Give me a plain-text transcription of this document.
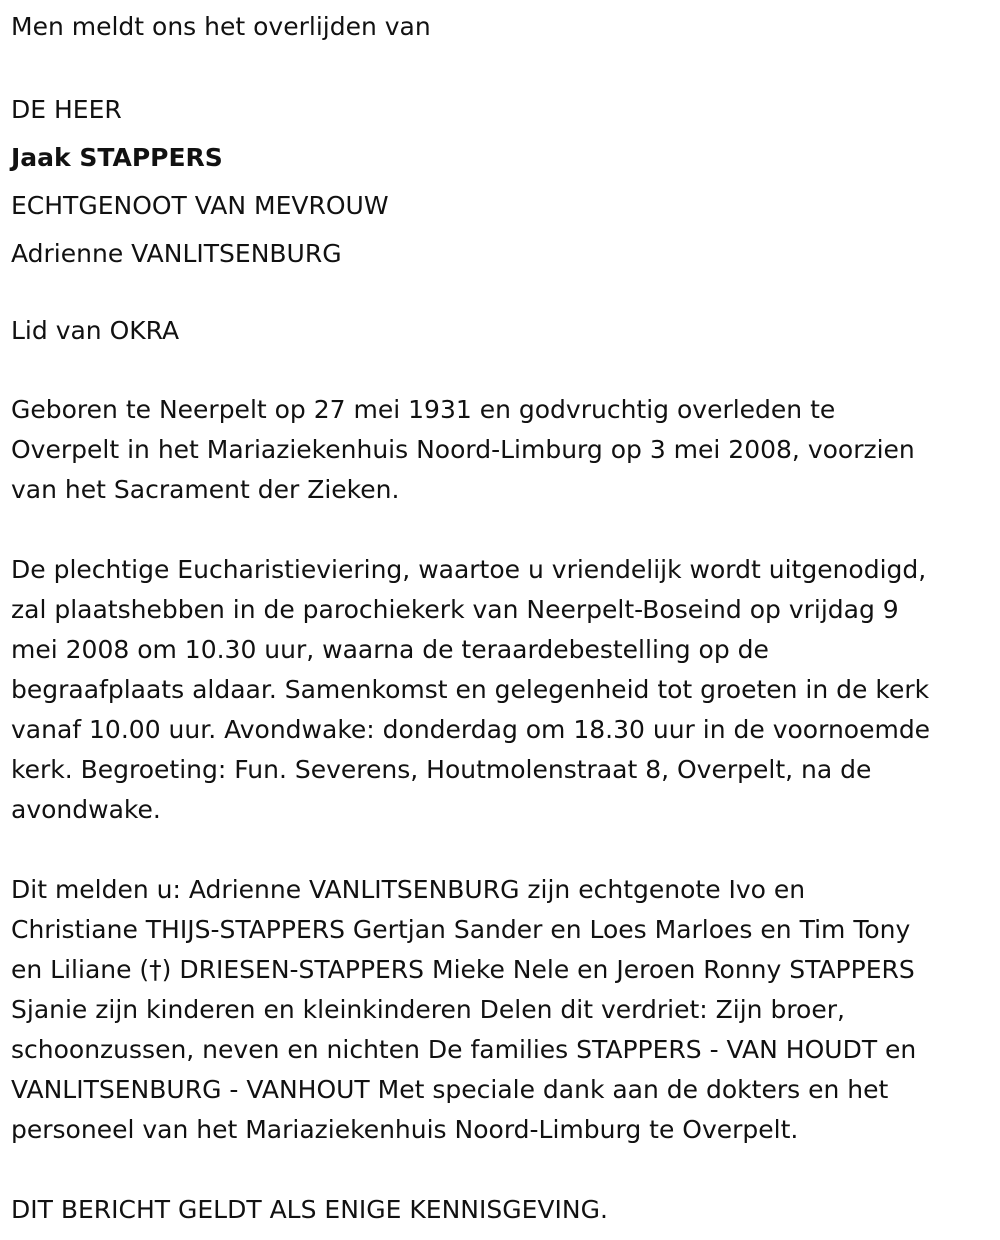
Men meldt ons het overlijden van

DE HEER

Jaak STAPPERS

ECHTGENOOT VAN MEVROUW

Adrienne VANLITSENBURG

Lid van OKRA

Geboren te Neerpelt op 27 mei 1931 en godvruchtig overleden te

Overpelt in het Mariaziekenhuis Noord-Limburg op 3 mei 2008, voorzien

van het Sacrament der Zieken.

De plechtige Eucharistieviering, waartoe u vriendelijk wordt uitgenodigd,

zal plaatshebben in de parochiekerk van Neerpelt-Boseind op vrijdag 9

mei 2008 om 10.30 uur, waarna de teraardebestelling op de

begraafplaats aldaar. Samenkomst en gelegenheid tot groeten in de kerk

vanaf 10.00 uur. Avondwake: donderdag om 18.30 uur in de voornoemde

kerk. Begroeting: Fun. Severens, Houtmolenstraat 8, Overpelt, na de

avondwake.

Dit melden u: Adrienne VANLITSENBURG zijn echtgenote Ivo en

Christiane THIJS-STAPPERS Gertjan Sander en Loes Marloes en Tim Tony

en Liliane (†) DRIESEN-STAPPERS Mieke Nele en Jeroen Ronny STAPPERS

Sjanie zijn kinderen en kleinkinderen Delen dit verdriet: Zijn broer,

schoonzussen, neven en nichten De families STAPPERS - VAN HOUDT en

VANLITSENBURG - VANHOUT Met speciale dank aan de dokters en het

personeel van het Mariaziekenhuis Noord-Limburg te Overpelt.

DIT BERICHT GELDT ALS ENIGE KENNISGEVING.
